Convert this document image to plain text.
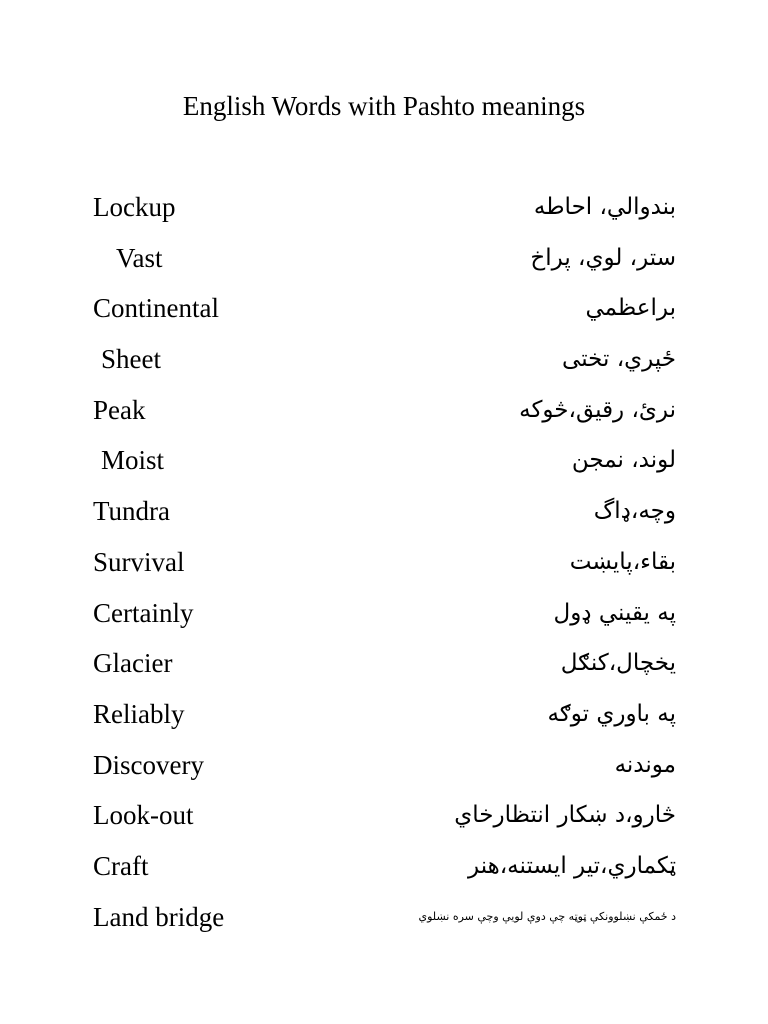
English Words with Pashto meanings
Lockup	بندوالي، احاطه
Vast	ستر، لوي، پراخ
Continental	براعظمي
Sheet	ځپري، تختی
Peak	نرئ، رقيق،څوکه
Moist	لوند، نمجن
Tundra	وچه،ډاگ
Survival	بقاء،پايښت
Certainly	په يقيني ډول
Glacier	يخچال،کنګل
Reliably	په باوري توګه
Discovery	موندنه
Look-out	څارو،د ښکار انتظارخاي
Craft	ټکماري،تير ايستنه،هنر
Land bridge	د ځمکې نښلوونکې ټوټه چې دوې لويې وچې سره نښلوي
